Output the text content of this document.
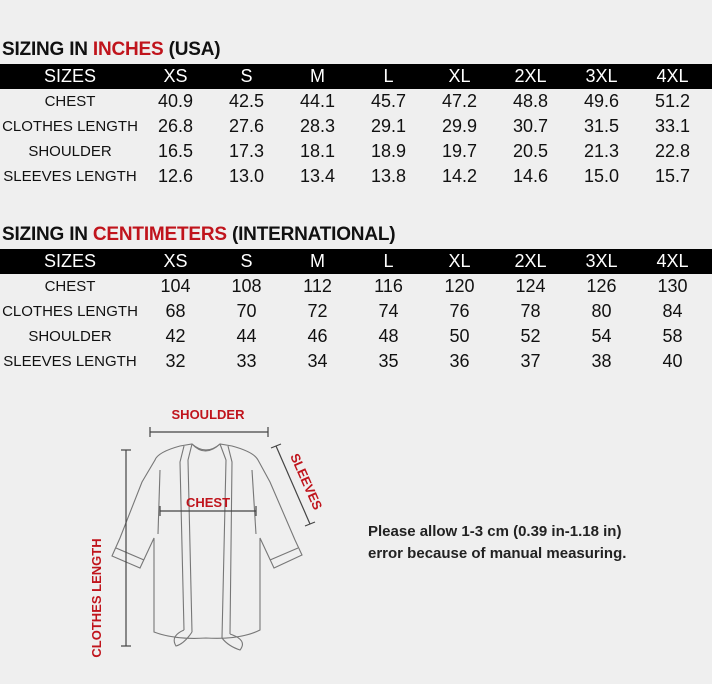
SIZING IN INCHES (USA)
SIZES	XS	S	M	L	XL	2XL	3XL	4XL
CHEST	40.9	42.5	44.1	45.7	47.2	48.8	49.6	51.2
CLOTHES LENGTH	26.8	27.6	28.3	29.1	29.9	30.7	31.5	33.1
SHOULDER	16.5	17.3	18.1	18.9	19.7	20.5	21.3	22.8
SLEEVES LENGTH	12.6	13.0	13.4	13.8	14.2	14.6	15.0	15.7
SIZING IN CENTIMETERS (INTERNATIONAL)
SIZES	XS	S	M	L	XL	2XL	3XL	4XL
CHEST	104	108	112	116	120	124	126	130
CLOTHES LENGTH	68	70	72	74	76	78	80	84
SHOULDER	42	44	46	48	50	52	54	58
SLEEVES LENGTH	32	33	34	35	36	37	38	40
SHOULDER
CHEST	SLEEVES
CLOTHES LENGTH
Please allow 1-3 cm (0.39 in-1.18 in)
error because of manual measuring.
